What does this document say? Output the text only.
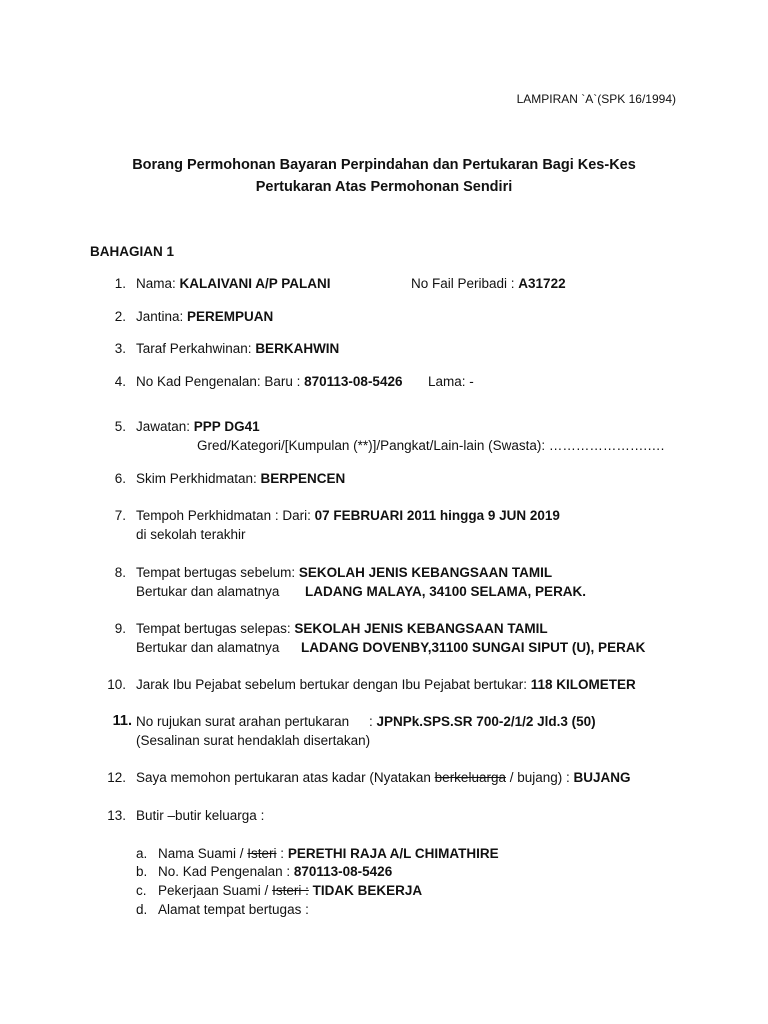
LAMPIRAN `A`(SPK 16/1994)
Borang Permohonan Bayaran Perpindahan dan Pertukaran Bagi Kes-Kes
Pertukaran Atas Permohonan Sendiri
BAHAGIAN 1
1. Nama: KALAIVANI A/P PALANI	No Fail Peribadi : A31722
2. Jantina: PEREMPUAN
3. Taraf Perkahwinan: BERKAHWIN
4. No Kad Pengenalan: Baru : 870113-08-5426 Lama: -
5. Jawatan: PPP DG41
Gred/Kategori/[Kumpulan (**)]/Pangkat/Lain-lain (Swasta): ………………….….
6. Skim Perkhidmatan: BERPENCEN
7. Tempoh Perkhidmatan : Dari: 07 FEBRUARI 2011 hingga 9 JUN 2019
di sekolah terakhir
8. Tempat bertugas sebelum: SEKOLAH JENIS KEBANGSAAN TAMIL
Bertukar dan alamatnya LADANG MALAYA, 34100 SELAMA, PERAK.
9. Tempat bertugas selepas: SEKOLAH JENIS KEBANGSAAN TAMIL
Bertukar dan alamatnya LADANG DOVENBY,31100 SUNGAI SIPUT (U), PERAK
10. Jarak Ibu Pejabat sebelum bertukar dengan Ibu Pejabat bertukar: 118 KILOMETER
11. No rujukan surat arahan pertukaran : JPNPk.SPS.SR 700-2/1/2 Jld.3 (50)
(Sesalinan surat hendaklah disertakan)
12. Saya memohon pertukaran atas kadar (Nyatakan berkeluarga / bujang) : BUJANG
13. Butir –butir keluarga :
a. Nama Suami / Isteri : PERETHI RAJA A/L CHIMATHIRE
b. No. Kad Pengenalan : 870113-08-5426
c. Pekerjaan Suami / Isteri : TIDAK BEKERJA
d. Alamat tempat bertugas :
